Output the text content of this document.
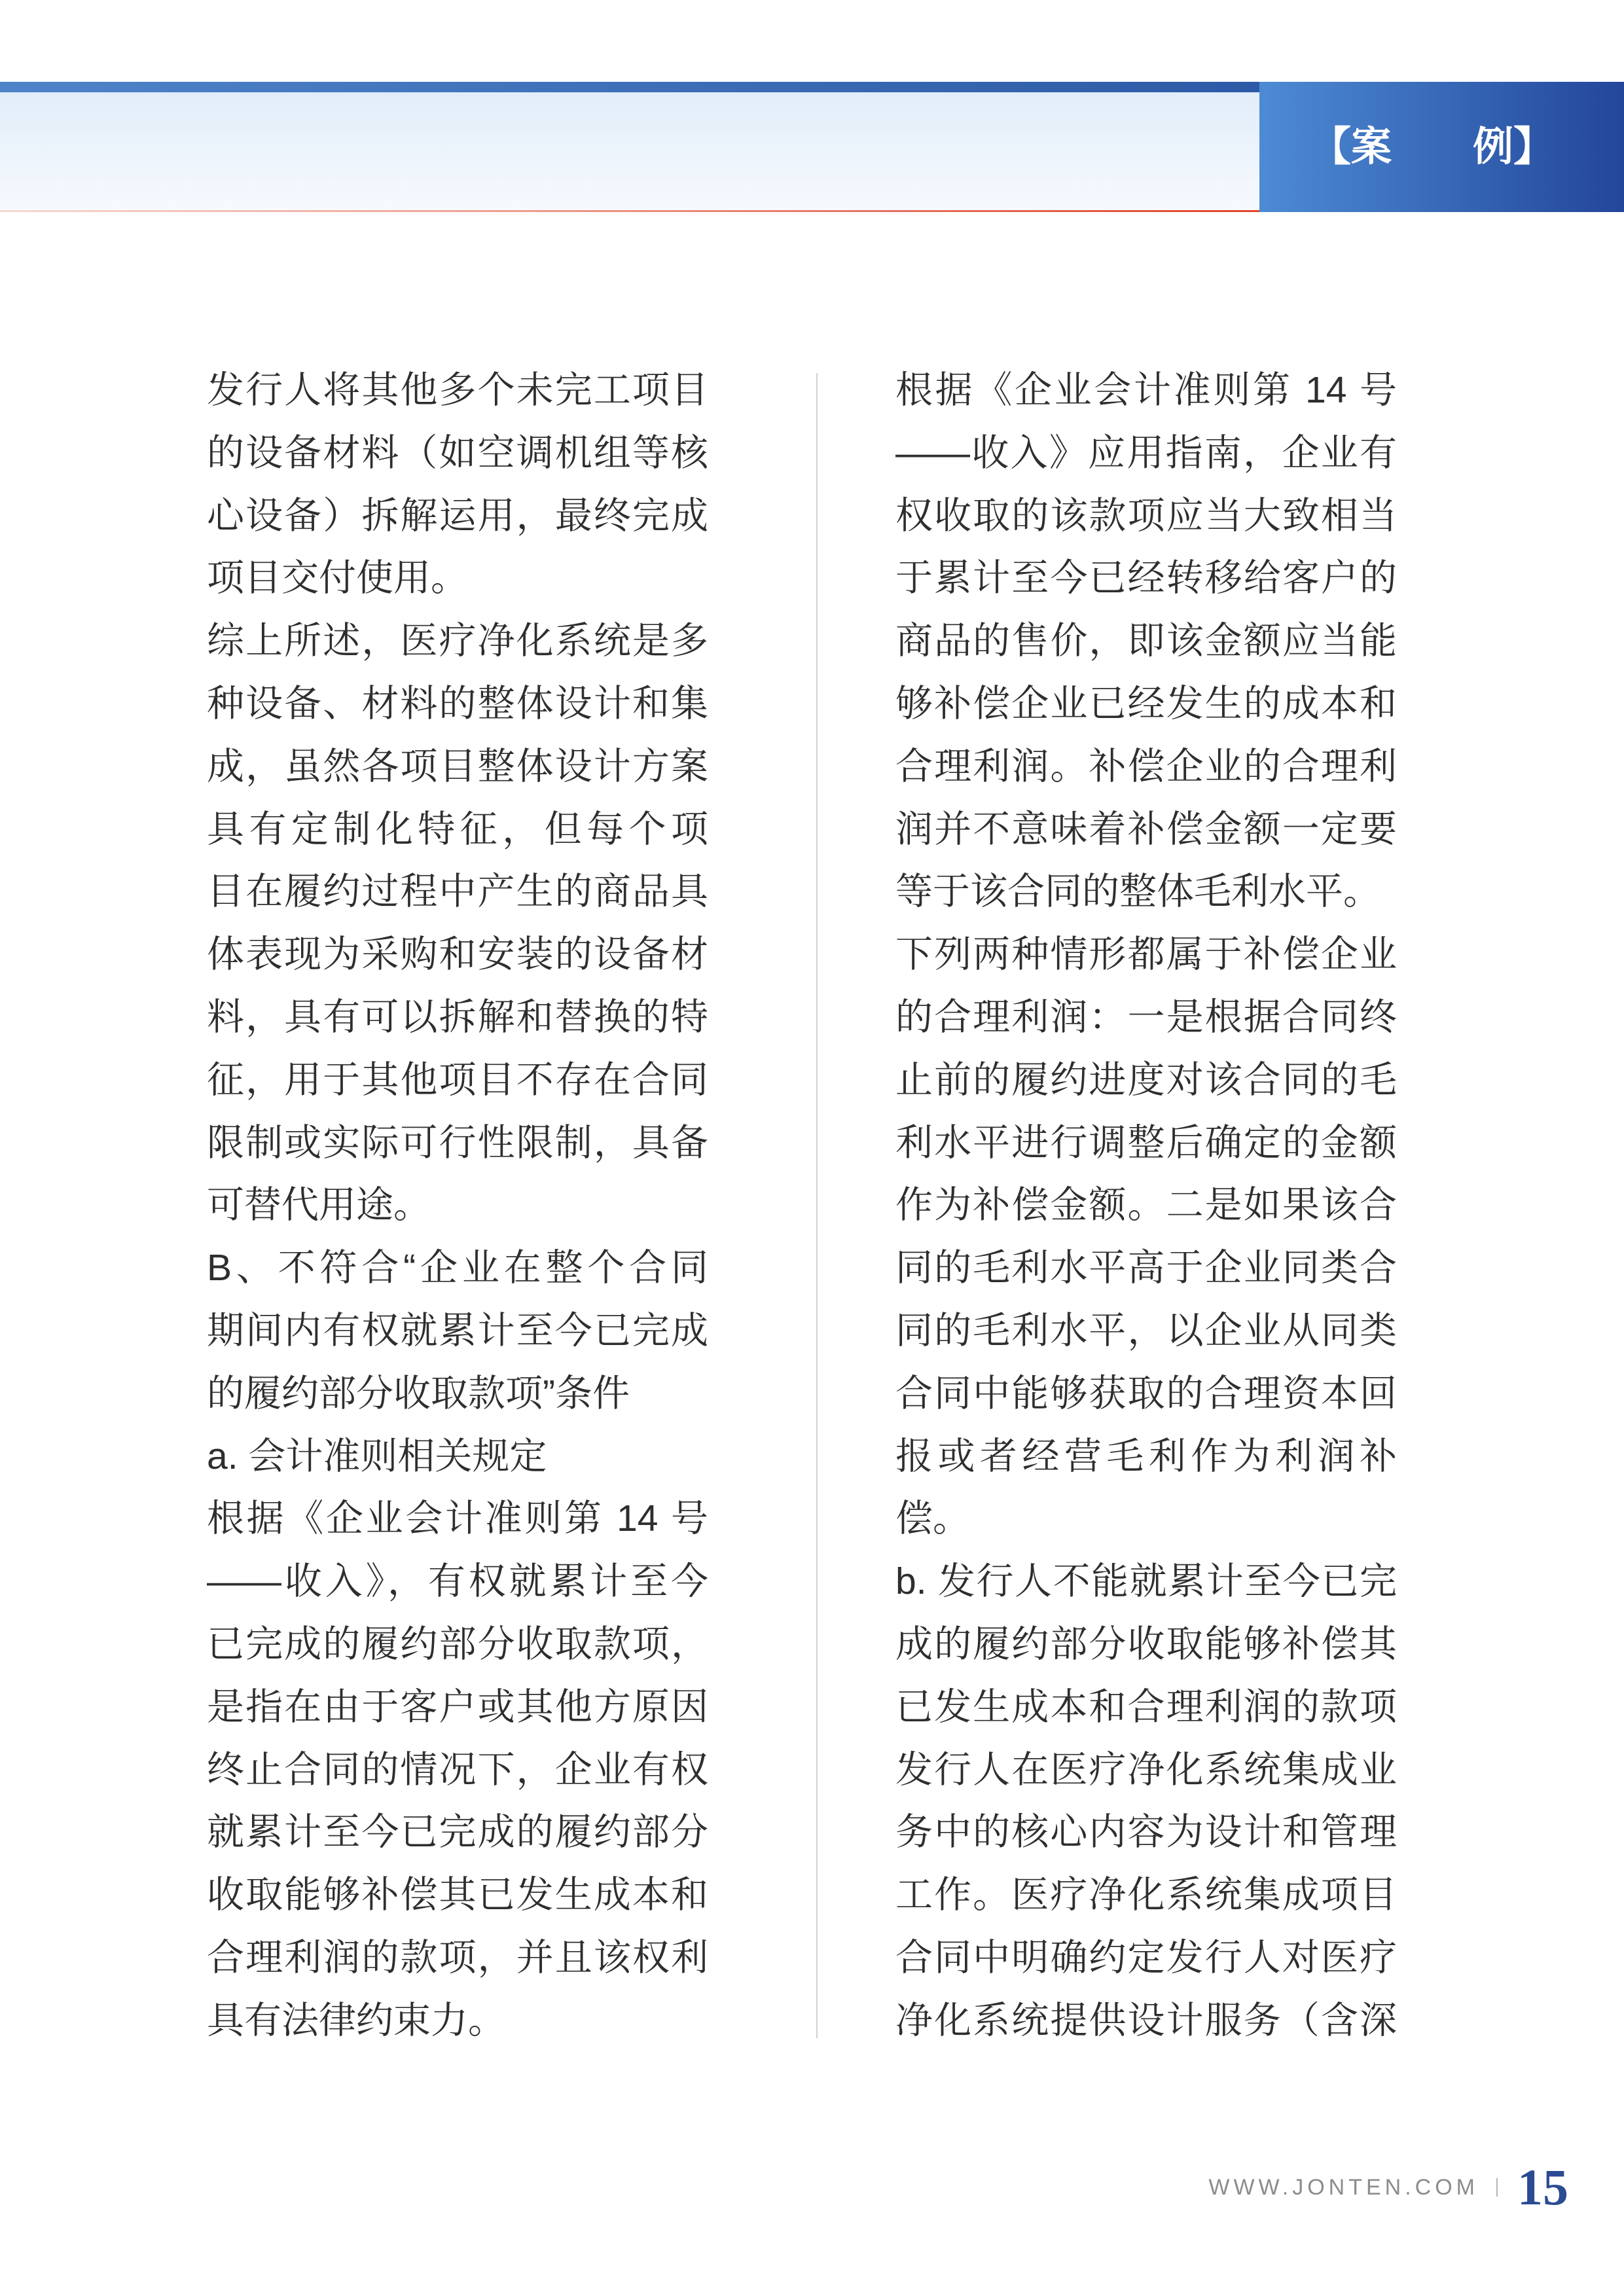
【案　　例】
发行人将其他多个未完工项目
的设备材料（如空调机组等核
心设备）拆解运用，最终完成
项目交付使用。
综上所述，医疗净化系统是多
种设备、材料的整体设计和集
成，虽然各项目整体设计方案
具有定制化特征，但每个项
目在履约过程中产生的商品具
体表现为采购和安装的设备材
料，具有可以拆解和替换的特
征，用于其他项目不存在合同
限制或实际可行性限制，具备
可替代用途。
B、不符合“企业在整个合同
期间内有权就累计至今已完成
的履约部分收取款项”条件
a. 会计准则相关规定
根据《企业会计准则第 14 号
——收入》，有权就累计至今
已完成的履约部分收取款项，
是指在由于客户或其他方原因
终止合同的情况下，企业有权
就累计至今已完成的履约部分
收取能够补偿其已发生成本和
合理利润的款项，并且该权利
具有法律约束力。
根据《企业会计准则第 14 号
——收入》应用指南，企业有
权收取的该款项应当大致相当
于累计至今已经转移给客户的
商品的售价，即该金额应当能
够补偿企业已经发生的成本和
合理利润。补偿企业的合理利
润并不意味着补偿金额一定要
等于该合同的整体毛利水平。
下列两种情形都属于补偿企业
的合理利润：一是根据合同终
止前的履约进度对该合同的毛
利水平进行调整后确定的金额
作为补偿金额。二是如果该合
同的毛利水平高于企业同类合
同的毛利水平，以企业从同类
合同中能够获取的合理资本回
报或者经营毛利作为利润补
偿。
b. 发行人不能就累计至今已完
成的履约部分收取能够补偿其
已发生成本和合理利润的款项
发行人在医疗净化系统集成业
务中的核心内容为设计和管理
工作。医疗净化系统集成项目
合同中明确约定发行人对医疗
净化系统提供设计服务（含深
WWW.JONTEN.COM 15
